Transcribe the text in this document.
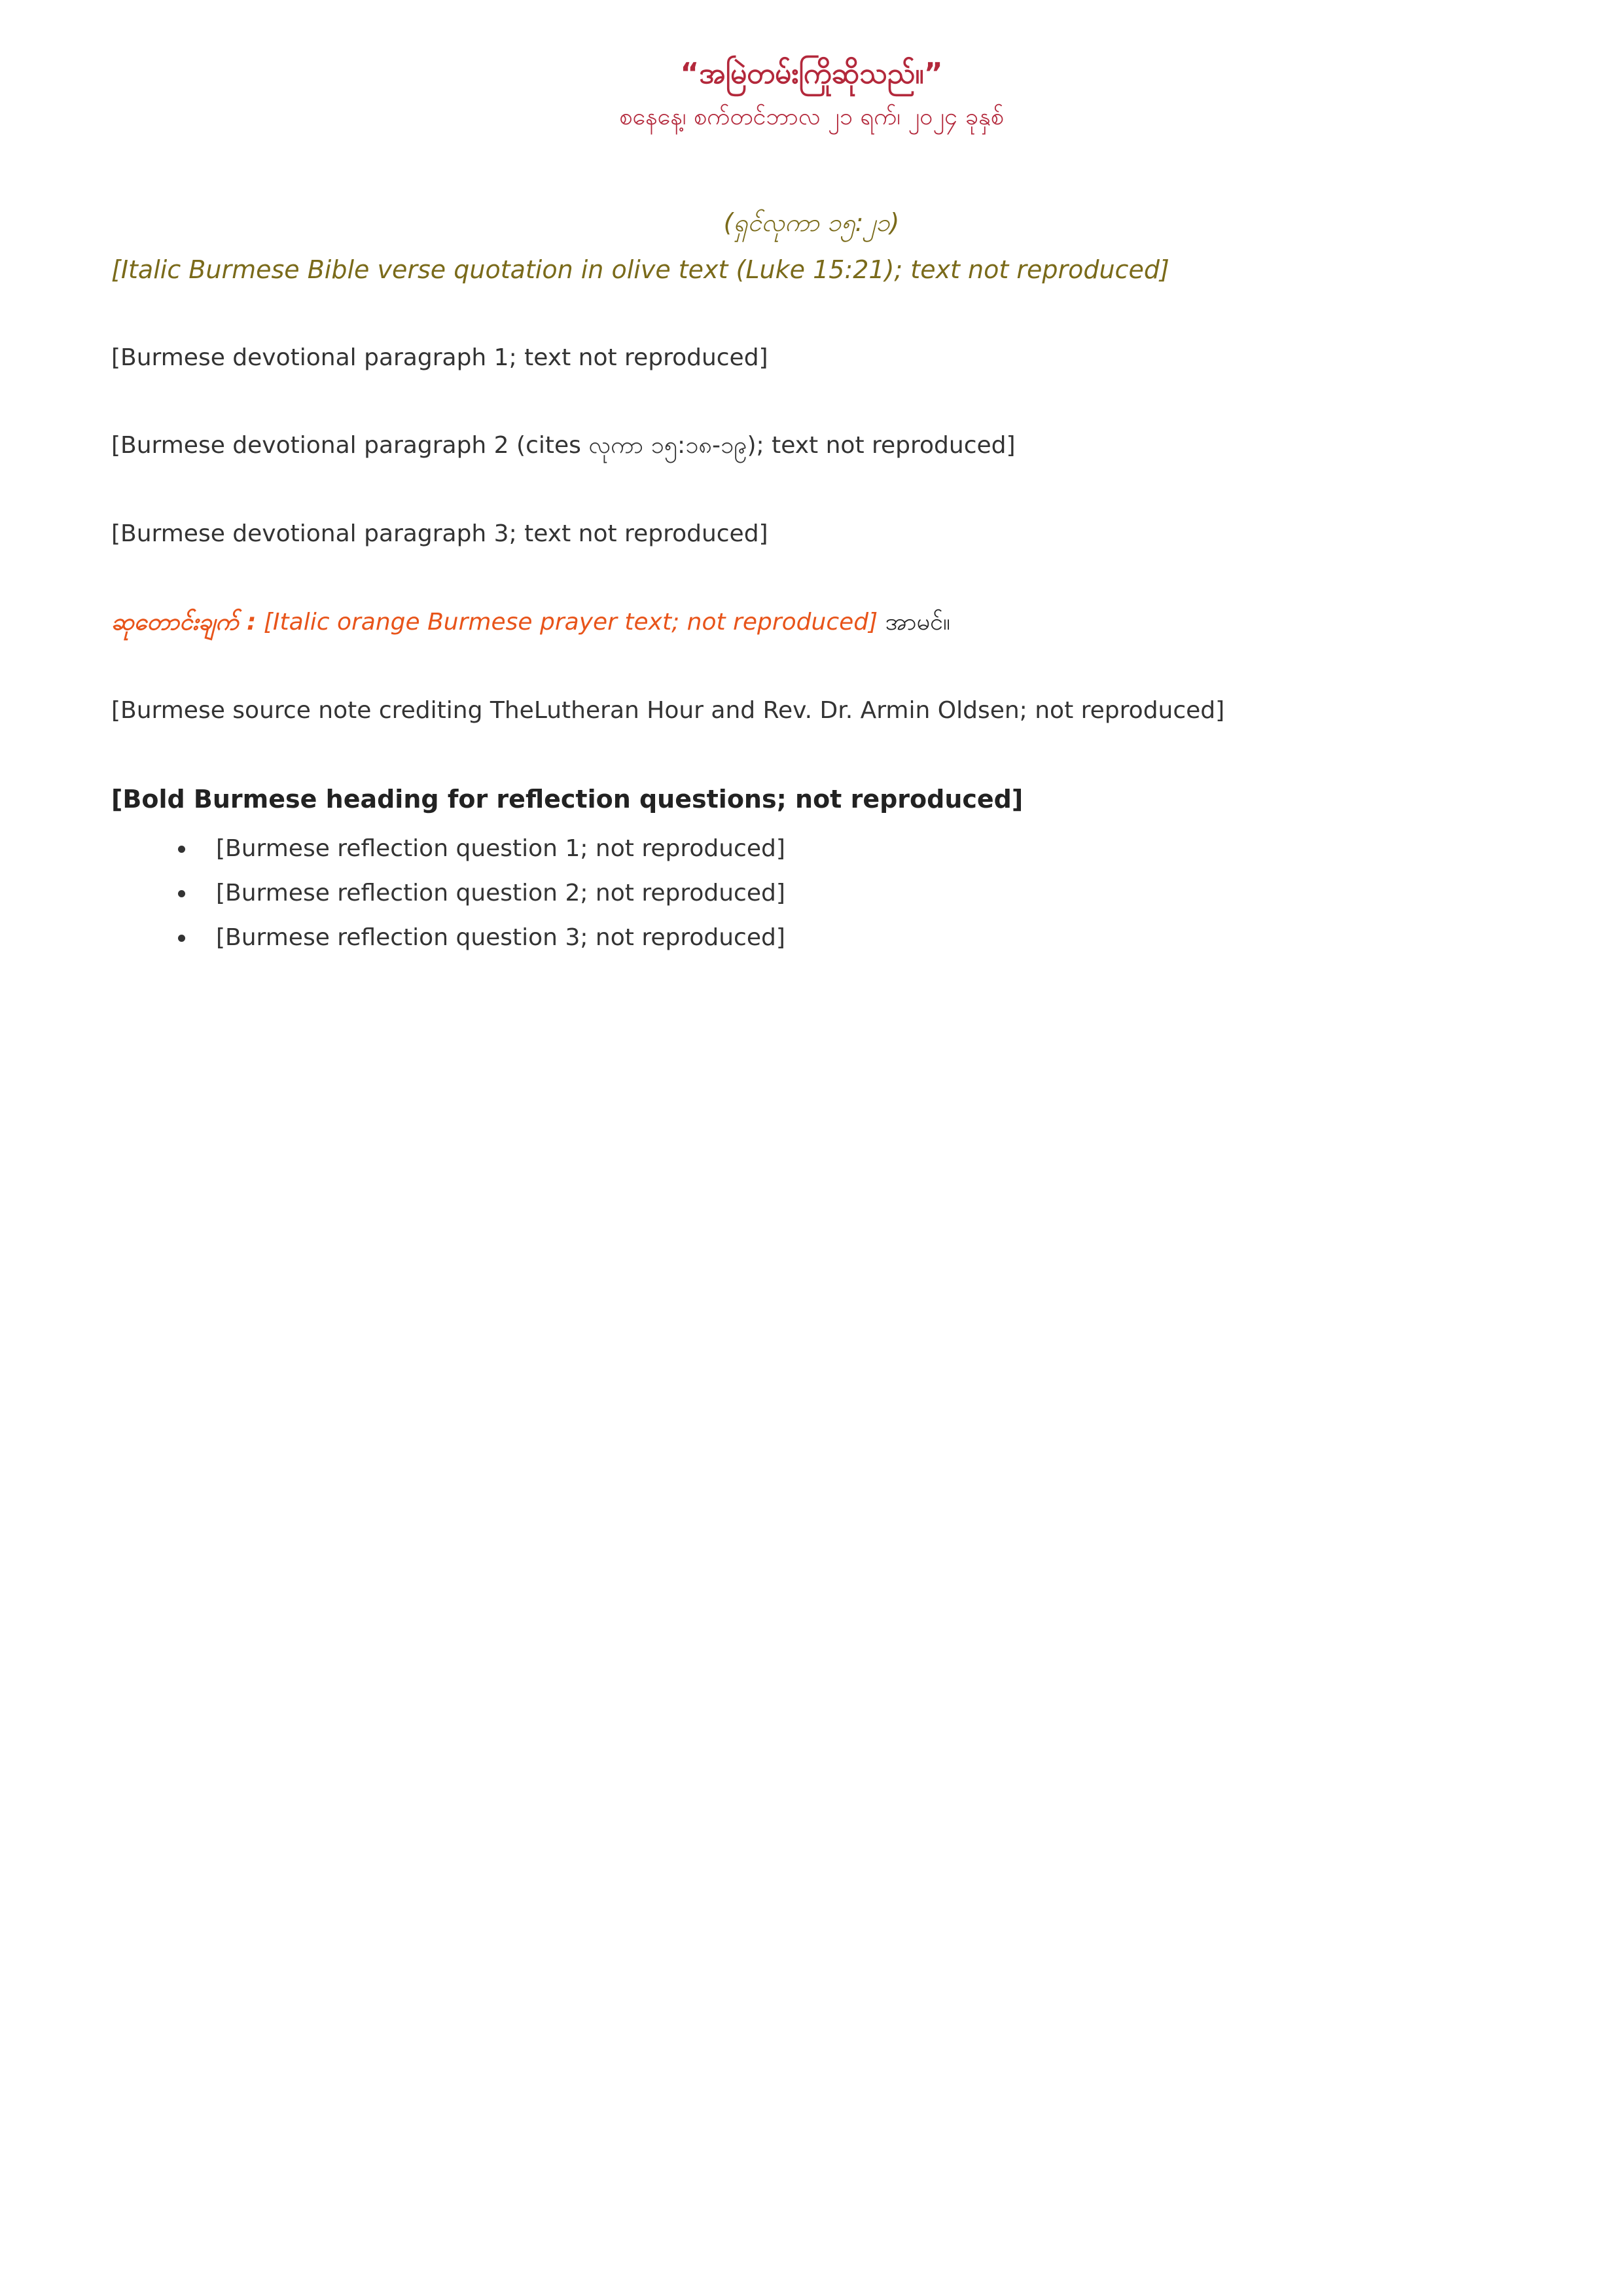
“အမြဲတမ်းကြိုဆိုသည်။”

စနေနေ့၊ စက်တင်ဘာလ ၂၁ ရက်၊ ၂၀၂၄ ခုနှစ်

(ရှင်လုကာ ၁၅:၂၁)

[Italic Burmese Bible verse quotation in olive text (Luke 15:21); text not reproduced]

[Burmese devotional paragraph 1; text not reproduced]

[Burmese devotional paragraph 2 (cites လုကာ ၁၅:၁၈-၁၉); text not reproduced]

[Burmese devotional paragraph 3; text not reproduced]

ဆုတောင်းချက် : [Italic orange Burmese prayer text; not reproduced] အာမင်။

[Burmese source note crediting TheLutheran Hour and Rev. Dr. Armin Oldsen; not reproduced]

[Bold Burmese heading for reflection questions; not reproduced]

• [Burmese reflection question 1; not reproduced]
• [Burmese reflection question 2; not reproduced]
• [Burmese reflection question 3; not reproduced]
